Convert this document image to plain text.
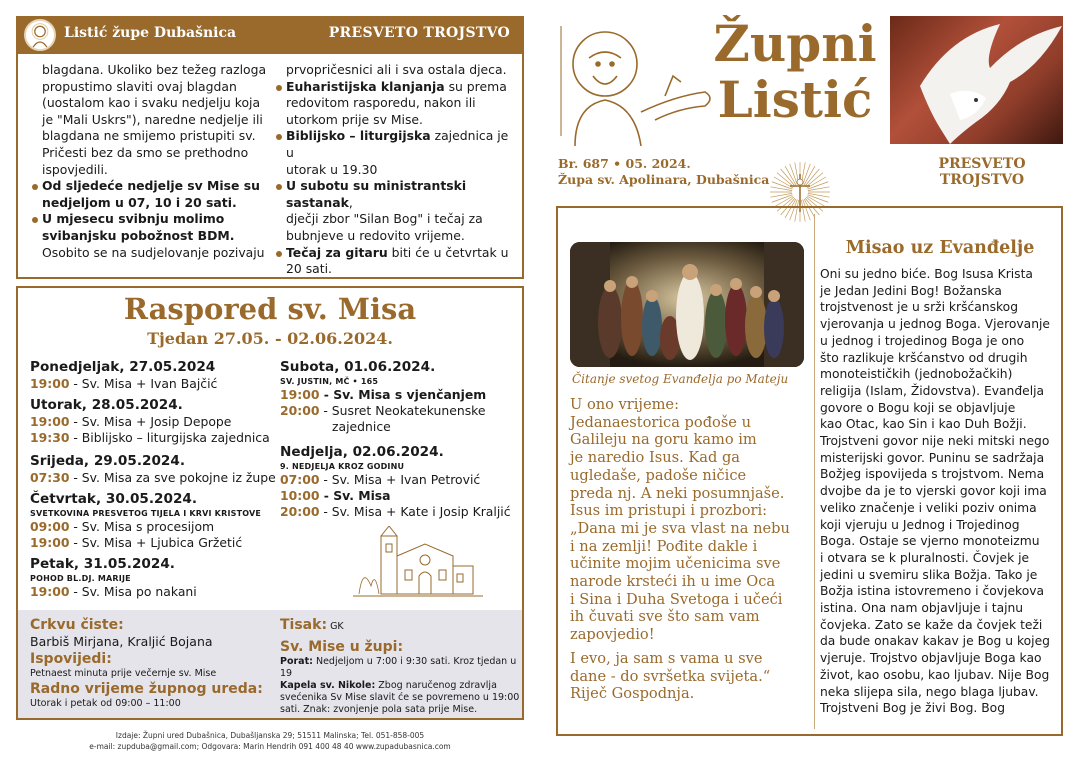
Listić župe Dubašnica	PRESVETO TROJSTVO
blagdana. Ukoliko bez težeg razloga
propustimo slaviti ovaj blagdan
(uostalom kao i svaku nedjelju koja
je "Mali Uskrs"), naredne nedjelje ili
blagdana ne smijemo pristupiti sv.
Pričesti bez da smo se prethodno
ispovjedili.
Od sljedeće nedjelje sv Mise su
nedjeljom u 07, 10 i 20 sati.
U mjesecu svibnju molimo
svibanjsku pobožnost BDM.
Osobito se na sudjelovanje pozivaju
prvopričesnici ali i sva ostala djeca.
Euharistijska klanjanja su prema
redovitom rasporedu, nakon ili
utorkom prije sv Mise.
Biblijsko – liturgijska zajednica je u
utorak u 19.30
U subotu su ministrantski sastanak,
dječji zbor "Silan Bog" i tečaj za
bubnjeve u redovito vrijeme.
Tečaj za gitaru biti će u četvrtak u
20 sati.
Raspored sv. Misa
Tjedan 27.05. - 02.06.2024.
Ponedjeljak, 27.05.2024
19:00 - Sv. Misa + Ivan Bajčić
Utorak, 28.05.2024.
19:00 - Sv. Misa + Josip Depope
19:30 - Biblijsko – liturgijska zajednica
Srijeda, 29.05.2024.
07:30 - Sv. Misa za sve pokojne iz župe
Četvrtak, 30.05.2024.
SVETKOVINA PRESVETOG TIJELA I KRVI KRISTOVE
09:00 - Sv. Misa s procesijom
19:00 - Sv. Misa + Ljubica Gržetić
Petak, 31.05.2024.
POHOD BL.DJ. MARIJE
19:00 - Sv. Misa po nakani
Subota, 01.06.2024.
SV. JUSTIN, MČ • 165
19:00 - Sv. Misa s vjenčanjem
20:00 - Susret Neokatekunenske
zajednice
Nedjelja, 02.06.2024.
9. NEDJELJA KROZ GODINU
07:00 - Sv. Misa + Ivan Petrović
10:00 - Sv. Misa
20:00 - Sv. Misa + Kate i Josip Kraljić
Crkvu čiste:
Barbiš Mirjana, Kraljić Bojana
Ispovijedi:
Petnaest minuta prije večernje sv. Mise
Radno vrijeme župnog ureda:
Utorak i petak od 09:00 – 11:00
Tisak: GK
Sv. Mise u župi:
Porat: Nedjeljom u 7:00 i 9:30 sati. Kroz tjedan u 19
Kapela sv. Nikole: Zbog naručenog zdravlja
svećenika Sv Mise slavit će se povremeno u 19:00
sati. Znak: zvonjenje pola sata prije Mise.
Izdaje: Župni ured Dubašnica, Dubašljanska 29; 51511 Malinska; Tel. 051-858-005
e-mail: zupduba@gmail.com; Odgovara: Marin Hendrih 091 400 48 40 www.zupadubasnica.com
Župni
Listić
Br. 687 • 05. 2024.
Župa sv. Apolinara, Dubašnica
PRESVETO
TROJSTVO
Čitanje svetog Evanđelja po Mateju

U ono vrijeme:

Jedanaestorica pođoše u

Galileju na goru kamo im

je naredio Isus. Kad ga

ugledaše, padoše ničice

preda nj. A neki posumnjaše.

Isus im pristupi i prozbori:

„Dana mi je sva vlast na nebu

i na zemlji! Pođite dakle i

učinite mojim učenicima sve

narode krsteći ih u ime Oca

i Sina i Duha Svetoga i učeći

ih čuvati sve što sam vam

zapovjedio!

I evo, ja sam s vama u sve

dane - do svršetka svijeta.“

Riječ Gospodnja.

Misao uz Evanđelje
Oni su jedno biće. Bog Isusa Krista
je Jedan Jedini Bog! Božanska
trojstvenost je u srži kršćanskog
vjerovanja u jednog Boga. Vjerovanje
u jednog i trojedinog Boga je ono
što razlikuje kršćanstvo od drugih
monoteističkih (jednobožačkih)
religija (Islam, Židovstva). Evanđelja
govore o Bogu koji se objavljuje
kao Otac, kao Sin i kao Duh Božji.
Trojstveni govor nije neki mitski nego
misterijski govor. Puninu se sadržaja
Božjeg ispovijeda s trojstvom. Nema
dvojbe da je to vjerski govor koji ima
veliko značenje i veliki poziv onima
koji vjeruju u Jednog i Trojedinog
Boga. Ostaje se vjerno monoteizmu
i otvara se k pluralnosti. Čovjek je
jedini u svemiru slika Božja. Tako je
Božja istina istovremeno i čovjekova
istina. Ona nam objavljuje i tajnu
čovjeka. Zato se kaže da čovjek teži
da bude onakav kakav je Bog u kojeg
vjeruje. Trojstvo objavljuje Boga kao
život, kao osobu, kao ljubav. Nije Bog
neka slijepa sila, nego blaga ljubav.
Trojstveni Bog je živi Bog. Bog
